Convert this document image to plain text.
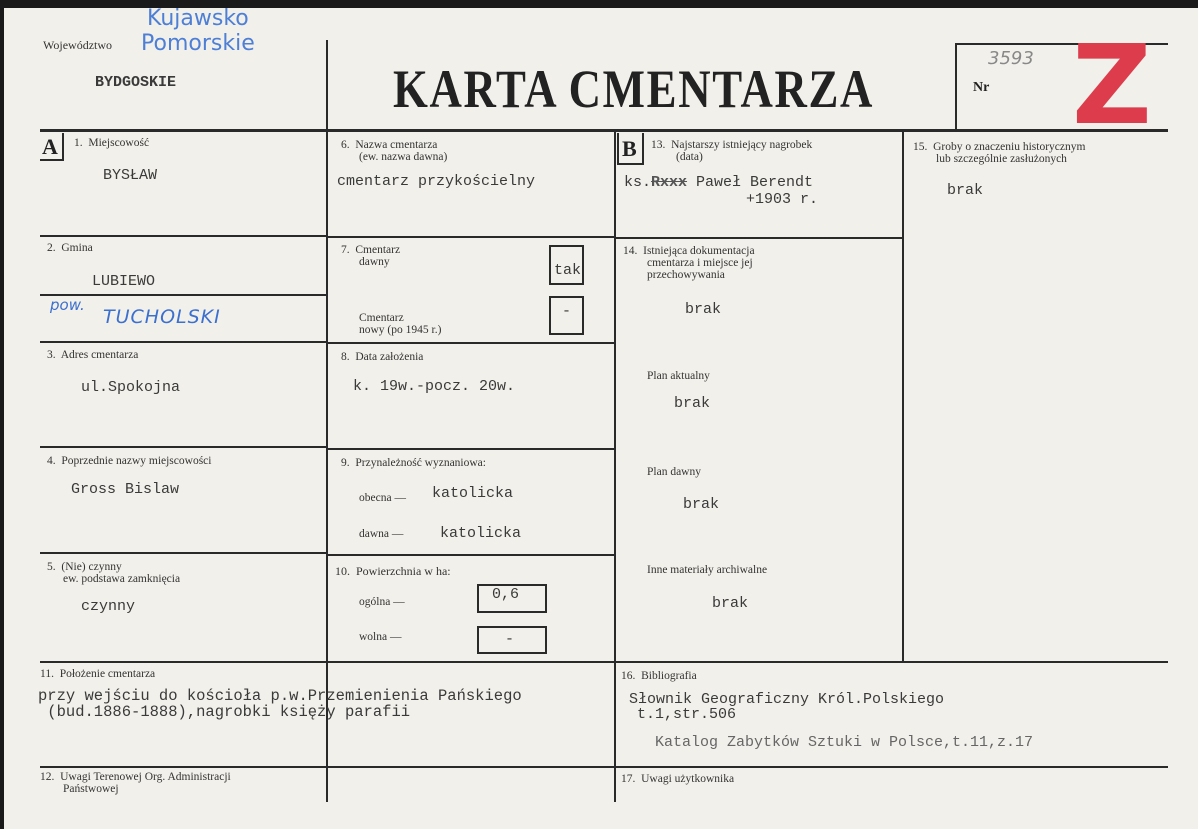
Województwo
Kujawsko
Pomorskie
BYDGOSKIE	KARTA CMENTARZA	Nr
3593 Z
A 1.  Miejscowość
BYSŁAW
2.  Gmina
LUBIEWO
pow.
TUCHOLSKI
3.  Adres cmentarza
ul.Spokojna
4.  Poprzednie nazwy miejscowości
Gross Bislaw
5.  (Nie) czynny
ew. podstawa zamknięcia
czynny
6.  Nazwa cmentarza
(ew. nazwa dawna)
cmentarz przykościelny
7.  Cmentarz
dawny	tak
Cmentarz
nowy (po 1945 r.)
-
8.  Data założenia
k. 19w.-pocz. 20w.
9.  Przynależność wyznaniowa:
obecna — katolicka
dawna — katolicka
10.  Powierzchnia w ha:
ogólna —	0,6
wolna —	-
11.  Położenie cmentarza
przy wejściu do kościoła p.w.Przemienienia Pańskiego
(bud.1886-1888),nagrobki księży parafii
12.  Uwagi Terenowej Org. Administracji
Państwowej
B 13.  Najstarszy istniejący nagrobek
(data)
ks.Rxxx Paweł Berendt
+1903 r.
14.  Istniejąca dokumentacja
cmentarza i miejsce jej
przechowywania
brak
Plan aktualny
brak
Plan dawny
brak
Inne materiały archiwalne
brak
15.  Groby o znaczeniu historycznym
lub szczególnie zasłużonych
brak
16.  Bibliografia
Słownik Geograficzny Król.Polskiego
t.1,str.506
Katalog Zabytków Sztuki w Polsce,t.11,z.17
17.  Uwagi użytkownika
